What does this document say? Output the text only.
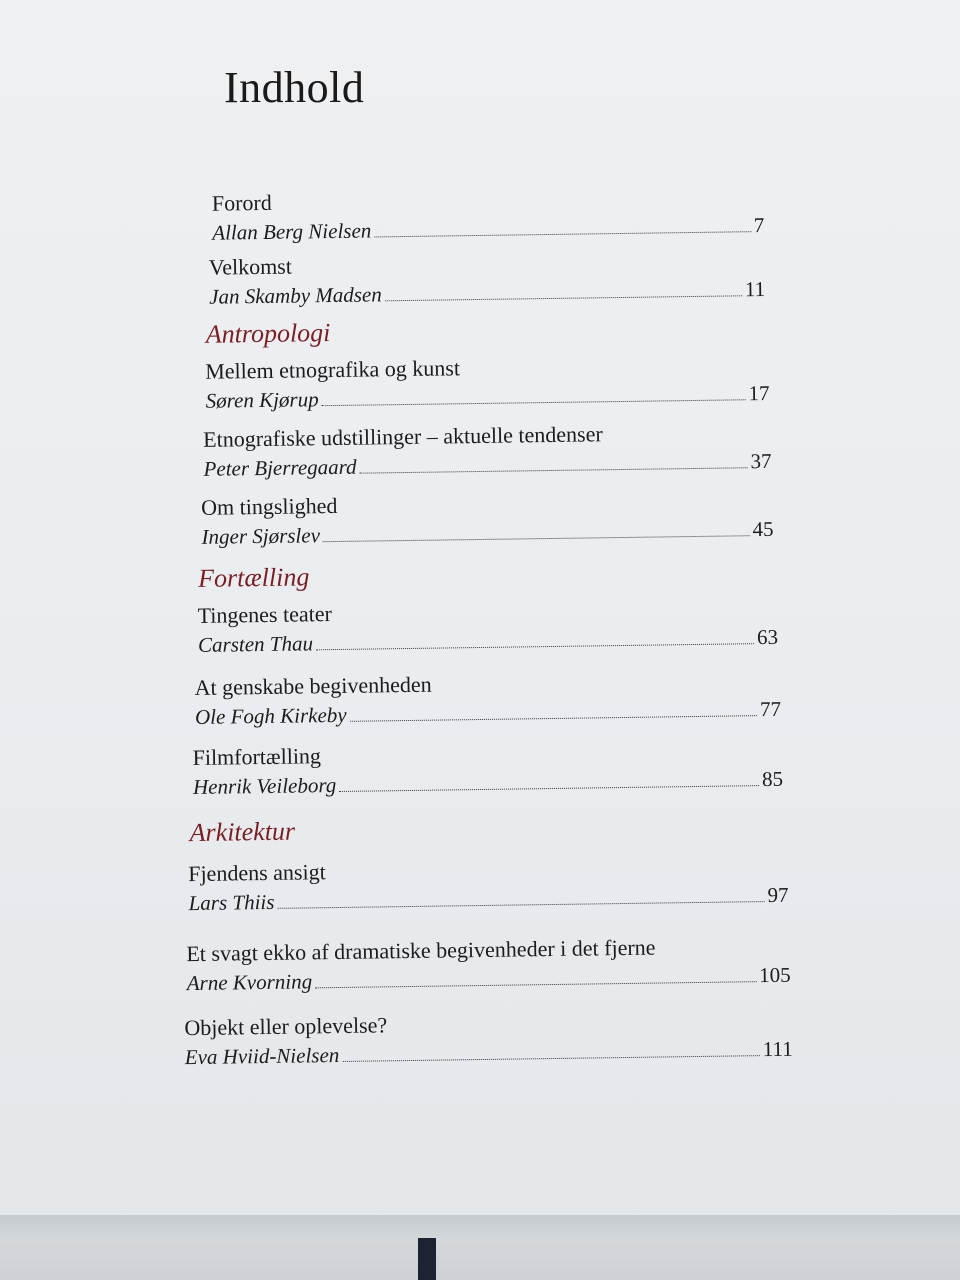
Indhold
Forord
Allan Berg Nielsen	7
Velkomst
Jan Skamby Madsen	11
Antropologi
Mellem etnografika og kunst
Søren Kjørup	17
Etnografiske udstillinger – aktuelle tendenser
Peter Bjerregaard	37
Om tingslighed
Inger Sjørslev	45
Fortælling
Tingenes teater
Carsten Thau	63
At genskabe begivenheden
Ole Fogh Kirkeby	77
Filmfortælling
Henrik Veileborg	85
Arkitektur
Fjendens ansigt
Lars Thiis	97
Et svagt ekko af dramatiske begivenheder i det fjerne
Arne Kvorning	105
Objekt eller oplevelse?
Eva Hviid-Nielsen	111
